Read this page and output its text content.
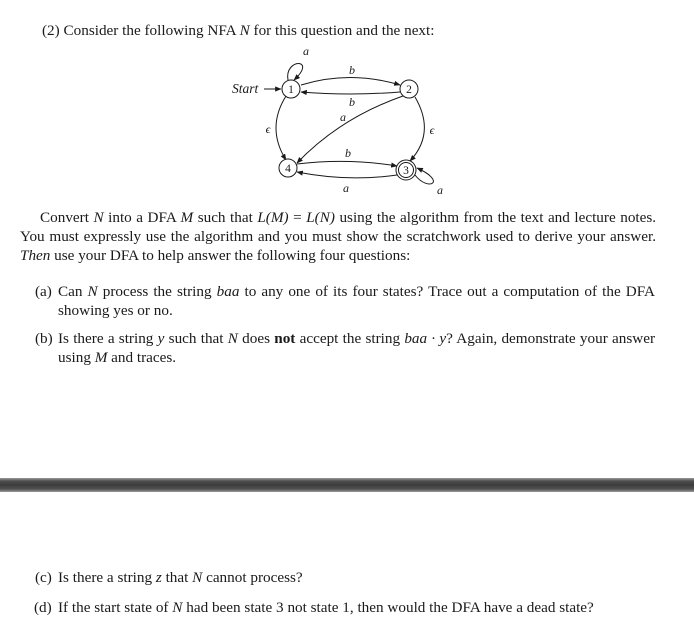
(2) Consider the following NFA N for this question and the next:
Start
a
b
b
a
ϵ	ϵ
b
a	a
1	2
3
4
Convert N into a DFA M such that L(M) = L(N) using the algorithm from the text and lecture notes. You must expressly use the algorithm and you must show the scratchwork used to derive your answer. Then use your DFA to help answer the following four questions:
(a) Can N process the string baa to any one of its four states? Trace out a computation of the DFA showing yes or no.
(b) Is there a string y such that N does not accept the string baa · y? Again, demonstrate your answer using M and traces.
(c) Is there a string z that N cannot process?
(d) If the start state of N had been state 3 not state 1, then would the DFA have a dead state?
